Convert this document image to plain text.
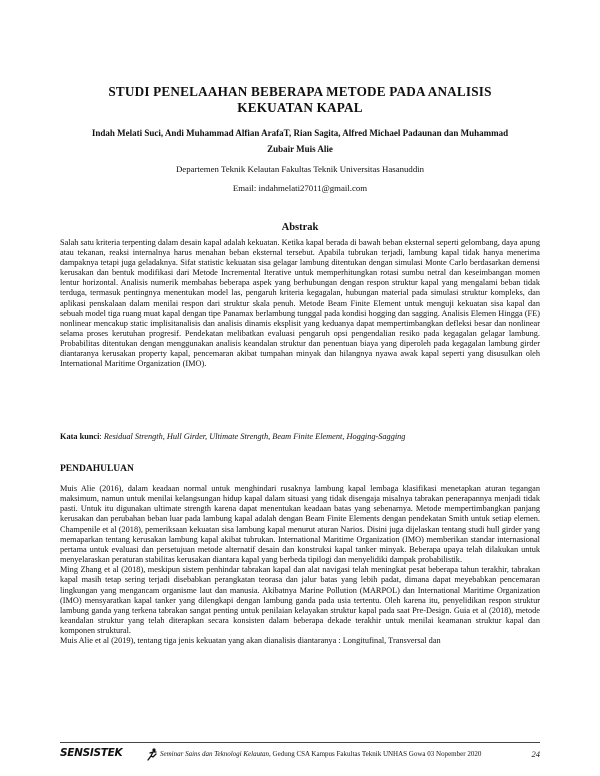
STUDI PENELAAHAN BEBERAPA METODE PADA ANALISIS
KEKUATAN KAPAL
Indah Melati Suci, Andi Muhammad Alfian ArafaT, Rian Sagita, Alfred Michael Padaunan dan Muhammad
Zubair Muis Alie
Departemen Teknik Kelautan Fakultas Teknik Universitas Hasanuddin
Email: indahmelati27011@gmail.com
Abstrak

Salah satu kriteria terpenting dalam desain kapal adalah kekuatan. Ketika kapal berada di bawah beban eksternal seperti gelombang, daya apung atau tekanan, reaksi internalnya harus menahan beban eksternal tersebut. Apabila tubrukan terjadi, lambung kapal tidak hanya menerima dampaknya tetapi juga geladaknya. Sifat statistic kekuatan sisa gelagar lambung ditentukan dengan simulasi Monte Carlo berdasarkan demensi kerusakan dan bentuk modifikasi dari Metode Incremental Iterative untuk memperhitungkan rotasi sumbu netral dan keseimbangan momen lentur horizontal. Analisis numerik membahas beberapa aspek yang berhubungan dengan respon struktur kapal yang mengalami beban tidak terduga, termasuk pentingnya menentukan model las, pengaruh kriteria kegagalan, hubungan material pada simulasi struktur kompleks, dan aplikasi penskalaan dalam menilai respon dari struktur skala penuh. Metode Beam Finite Element untuk menguji kekuatan sisa kapal dan sebuah model tiga ruang muat kapal dengan tipe Panamax berlambung tunggal pada kondisi hogging dan sagging. Analisis Elemen Hingga (FE) nonlinear mencakup static implisitanalisis dan analisis dinamis eksplisit yang keduanya dapat mempertimbangkan defleksi besar dan nonlinear selama proses kerutuhan progresif. Pendekatan melibatkan evaluasi pengaruh opsi pengendalian resiko pada kegagalan gelagar lambung. Probabilitas ditentukan dengan menggunakan analisis keandalan struktur dan penentuan biaya yang diperoleh pada kegagalan lambung girder diantaranya kerusakan property kapal, pencemaran akibat tumpahan minyak dan hilangnya nyawa awak kapal seperti yang disusulkan oleh International Maritime Organization (IMO).

Kata kunci: Residual Strength, Hull Girder, Ultimate Strength, Beam Finite Element, Hogging-Sagging

PENDAHULUAN

Muis Alie (2016), dalam keadaan normal untuk menghindari rusaknya lambung kapal lembaga klasifikasi menetapkan aturan tegangan maksimum, namun untuk menilai kelangsungan hidup kapal dalam situasi yang tidak disengaja misalnya tabrakan penerapannya menjadi tidak pasti. Untuk itu digunakan ultimate strength karena dapat menentukan keadaan batas yang sebenarnya. Metode mempertimbangkan panjang kerusakan dan perubahan beban luar pada lambung kapal adalah dengan Beam Finite Elements dengan pendekatan Smith untuk setiap elemen. Champenile et al (2018), pemeriksaan kekuatan sisa lambung kapal menurut aturan Narios. Disini juga dijelaskan tentang studi hull girder yang memaparkan tentang kerusakan lambung kapal akibat tubrukan. International Maritime Organization (IMO) memberikan standar internasional pertama untuk evaluasi dan persetujuan metode alternatif desain dan konstruksi kapal tanker minyak. Beberapa upaya telah dilakukan untuk menyelaraskan peraturan stabilitas kerusakan diantara kapal yang berbeda tipilogi dan menyelidiki dampak probabilistik.

Ming Zhang et al (2018), meskipun sistem penhindar tabrakan kapal dan alat navigasi telah meningkat pesat beberapa tahun terakhir, tabrakan kapal masih tetap sering terjadi disebabkan perangkatan teorasa dan jalur batas yang lebih padat, dimana dapat meyebabkan pencemaran lingkungan yang mengancam organisme laut dan manusia. Akibatnya Marine Pollution (MARPOL) dan International Maritime Organization (IMO) mensyaratkan kapal tanker yang dilengkapi dengan lambung ganda pada usia tertentu. Oleh karena itu, penyelidikan respon struktur lambung ganda yang terkena tabrakan sangat penting untuk penilaian kelayakan struktur kapal pada saat Pre-Design. Guia et al (2018), metode keandalan struktur yang telah diterapkan secara konsisten dalam beberapa dekade terakhir untuk menilai keamanan struktur kapal dan komponen struktural.

Muis Alie et al (2019), tentang tiga jenis kekuatan yang akan dianalisis diantaranya : Longitufinal, Transversal dan

SENSISTEK	Seminar Sains dan Teknologi Kelautan, Gedung CSA Kampus Fakultas Teknik UNHAS Gowa 03 Nopember 2020	24
